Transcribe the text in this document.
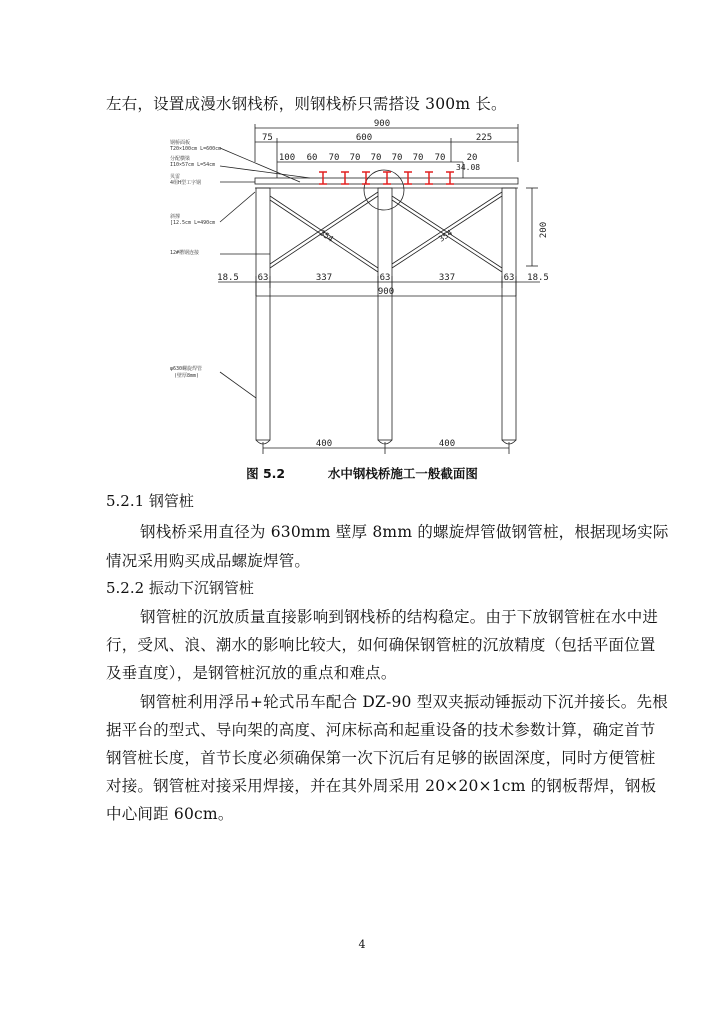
左右，设置成漫水钢栈桥，则钢栈桥只需搭设 300m 长。
900
75	600	225
100 60 70 70 70 70 70 70 20
34.08
200
354	354
18.5 63	337	63	337	63 18.5
900
400	400
钢桥面板
T20×100cm L=600cm
分配横梁
I10×57cm L=54cm
贝雷
4组H型工字钢
斜撑
[12.5cm L=490cm
12#槽钢连接
φ630螺旋焊管
(壁厚8mm)
图 5.2	水中钢栈桥施工一般截面图
5.2.1 钢管桩
钢栈桥采用直径为 630mm 壁厚 8mm 的螺旋焊管做钢管桩，根据现场实际
情况采用购买成品螺旋焊管。
5.2.2 振动下沉钢管桩
钢管桩的沉放质量直接影响到钢栈桥的结构稳定。由于下放钢管桩在水中进
行，受风、浪、潮水的影响比较大，如何确保钢管桩的沉放精度（包括平面位置
及垂直度），是钢管桩沉放的重点和难点。
钢管桩利用浮吊+轮式吊车配合 DZ-90 型双夹振动锤振动下沉并接长。先根
据平台的型式、导向架的高度、河床标高和起重设备的技术参数计算，确定首节
钢管桩长度，首节长度必须确保第一次下沉后有足够的嵌固深度，同时方便管桩
对接。钢管桩对接采用焊接，并在其外周采用 20×20×1cm 的钢板帮焊，钢板
中心间距 60cm。
4
